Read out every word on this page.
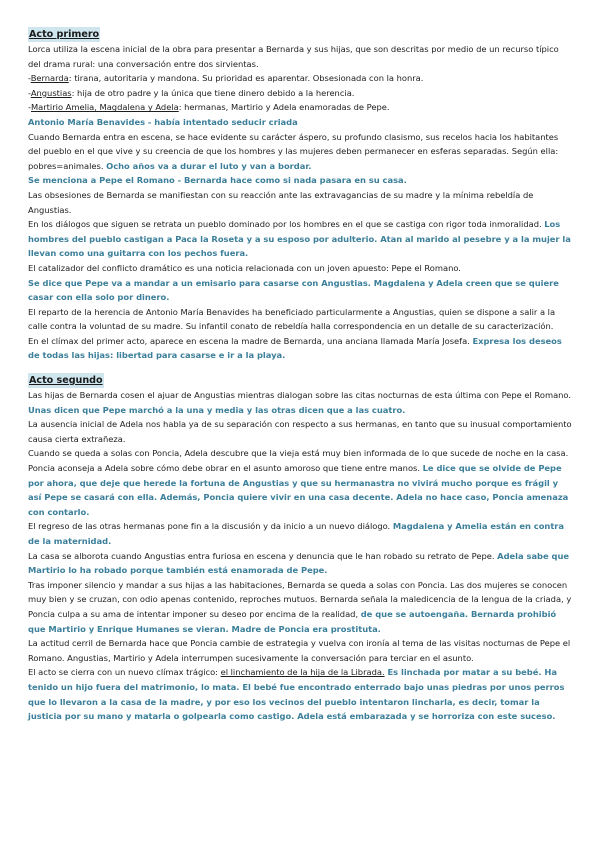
Acto primero

Lorca utiliza la escena inicial de la obra para presentar a Bernarda y sus hijas, que son descritas por medio de un recurso típico del drama rural: una conversación entre dos sirvientas.

-Bernarda: tirana, autoritaria y mandona. Su prioridad es aparentar. Obsesionada con la honra.

-Angustias: hija de otro padre y la única que tiene dinero debido a la herencia.

-Martirio Amelia, Magdalena y Adela: hermanas, Martirio y Adela enamoradas de Pepe.

Antonio María Benavides - había intentado seducir criada

Cuando Bernarda entra en escena, se hace evidente su carácter áspero, su profundo clasismo, sus recelos hacia los habitantes del pueblo en el que vive y su creencia de que los hombres y las mujeres deben permanecer en esferas separadas. Según ella: pobres=animales. Ocho años va a durar el luto y van a bordar.

Se menciona a Pepe el Romano - Bernarda hace como si nada pasara en su casa.

Las obsesiones de Bernarda se manifiestan con su reacción ante las extravagancias de su madre y la mínima rebeldía de Angustias.

En los diálogos que siguen se retrata un pueblo dominado por los hombres en el que se castiga con rigor toda inmoralidad. Los hombres del pueblo castigan a Paca la Roseta y a su esposo por adulterio. Atan al marido al pesebre y a la mujer la llevan como una guitarra con los pechos fuera.

El catalizador del conflicto dramático es una noticia relacionada con un joven apuesto: Pepe el Romano.

Se dice que Pepe va a mandar a un emisario para casarse con Angustias. Magdalena y Adela creen que se quiere casar con ella solo por dinero.

El reparto de la herencia de Antonio María Benavides ha beneficiado particularmente a Angustias, quien se dispone a salir a la calle contra la voluntad de su madre. Su infantil conato de rebeldía halla correspondencia en un detalle de su caracterización.

En el clímax del primer acto, aparece en escena la madre de Bernarda, una anciana llamada María Josefa. Expresa los deseos de todas las hijas: libertad para casarse e ir a la playa.

Acto segundo

Las hijas de Bernarda cosen el ajuar de Angustias mientras dialogan sobre las citas nocturnas de esta última con Pepe el Romano. Unas dicen que Pepe marchó a la una y media y las otras dicen que a las cuatro.

La ausencia inicial de Adela nos habla ya de su separación con respecto a sus hermanas, en tanto que su inusual comportamiento causa cierta extrañeza.

Cuando se queda a solas con Poncia, Adela descubre que la vieja está muy bien informada de lo que sucede de noche en la casa. Poncia aconseja a Adela sobre cómo debe obrar en el asunto amoroso que tiene entre manos. Le dice que se olvide de Pepe por ahora, que deje que herede la fortuna de Angustias y que su hermanastra no vivirá mucho porque es frágil y así Pepe se casará con ella. Además, Poncia quiere vivir en una casa decente. Adela no hace caso, Poncia amenaza con contarlo.

El regreso de las otras hermanas pone fin a la discusión y da inicio a un nuevo diálogo. Magdalena y Amelia están en contra de la maternidad.

La casa se alborota cuando Angustias entra furiosa en escena y denuncia que le han robado su retrato de Pepe. Adela sabe que Martirio lo ha robado porque también está enamorada de Pepe.

Tras imponer silencio y mandar a sus hijas a las habitaciones, Bernarda se queda a solas con Poncia. Las dos mujeres se conocen muy bien y se cruzan, con odio apenas contenido, reproches mutuos. Bernarda señala la maledicencia de la lengua de la criada, y Poncia culpa a su ama de intentar imponer su deseo por encima de la realidad, de que se autoengaña. Bernarda prohibió que Martirio y Enrique Humanes se vieran. Madre de Poncia era prostituta.

La actitud cerril de Bernarda hace que Poncia cambie de estrategia y vuelva con ironía al tema de las visitas nocturnas de Pepe el Romano. Angustias, Martirio y Adela interrumpen sucesivamente la conversación para terciar en el asunto.

El acto se cierra con un nuevo clímax trágico: el linchamiento de la hija de la Librada. Es linchada por matar a su bebé. Ha tenido un hijo fuera del matrimonio, lo mata. El bebé fue encontrado enterrado bajo unas piedras por unos perros que lo llevaron a la casa de la madre, y por eso los vecinos del pueblo intentaron lincharla, es decir, tomar la justicia por su mano y matarla o golpearla como castigo. Adela está embarazada y se horroriza con este suceso.
